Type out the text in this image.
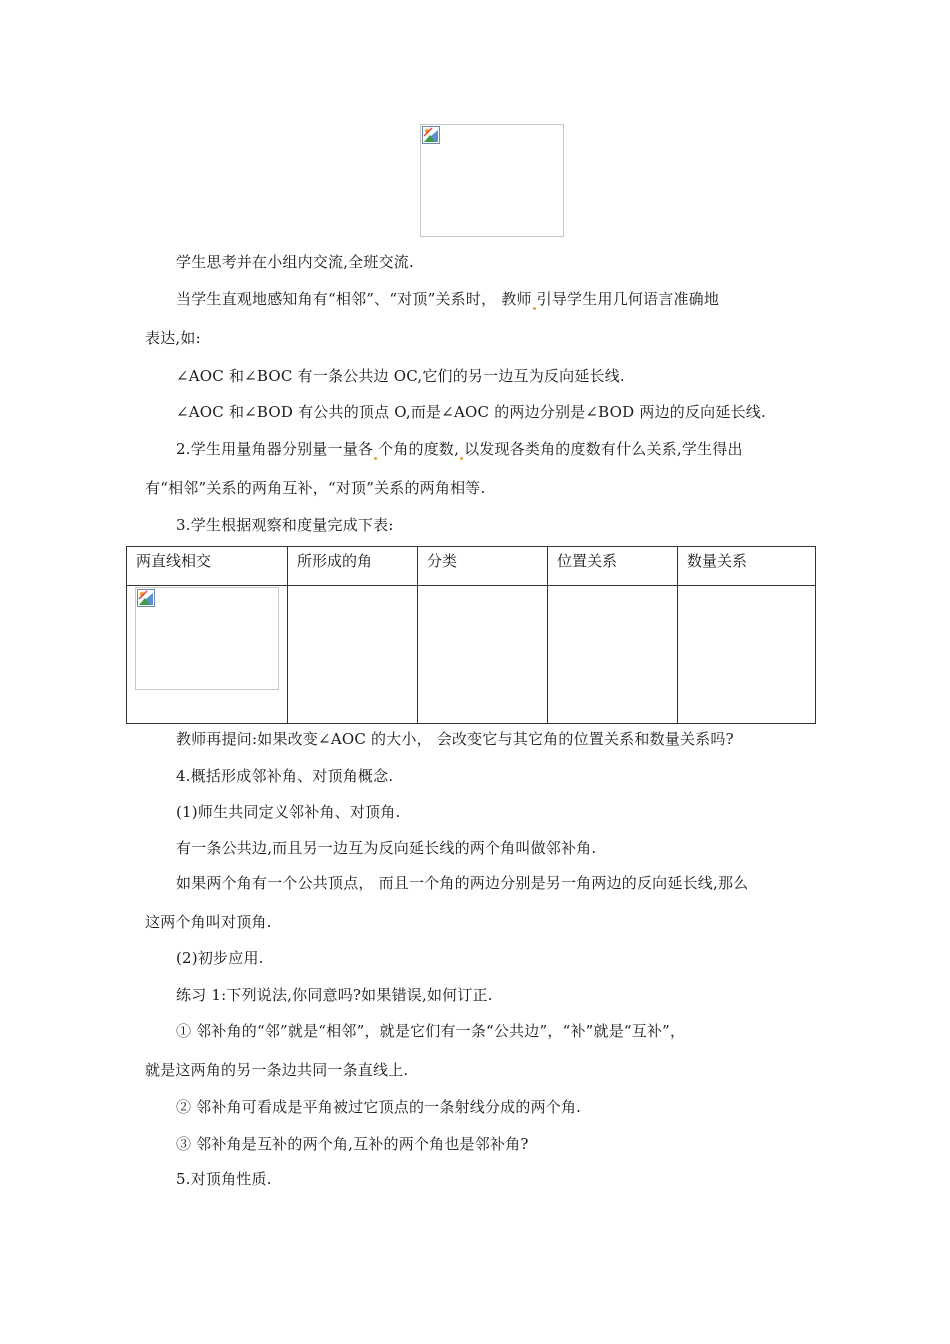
学生思考并在小组内交流,全班交流.
当学生直观地感知角有“相邻”、“对顶”关系时， 教师 引导学生用几何语言准确地
表达,如:
∠AOC 和∠BOC 有一条公共边 OC,它们的另一边互为反向延长线.
∠AOC 和∠BOD 有公共的顶点 O,而是∠AOC 的两边分别是∠BOD 两边的反向延长线.
2.学生用量角器分别量一量各 个角的度数, 以发现各类角的度数有什么关系,学生得出
有“相邻”关系的两角互补，“对顶”关系的两角相等.
3.学生根据观察和度量完成下表:
两直线相交	所形成的角	分类	位置关系	数量关系

教师再提问:如果改变∠AOC 的大小， 会改变它与其它角的位置关系和数量关系吗?
4.概括形成邻补角、对顶角概念.
(1)师生共同定义邻补角、对顶角.
有一条公共边,而且另一边互为反向延长线的两个角叫做邻补角.
如果两个角有一个公共顶点， 而且一个角的两边分别是另一角两边的反向延长线,那么
这两个角叫对顶角.
(2)初步应用.
练习 1:下列说法,你同意吗?如果错误,如何订正.
① 邻补角的“邻”就是“相邻”，就是它们有一条“公共边”，“补”就是“互补”，
就是这两角的另一条边共同一条直线上.
② 邻补角可看成是平角被过它顶点的一条射线分成的两个角.
③ 邻补角是互补的两个角,互补的两个角也是邻补角?
5.对顶角性质.
